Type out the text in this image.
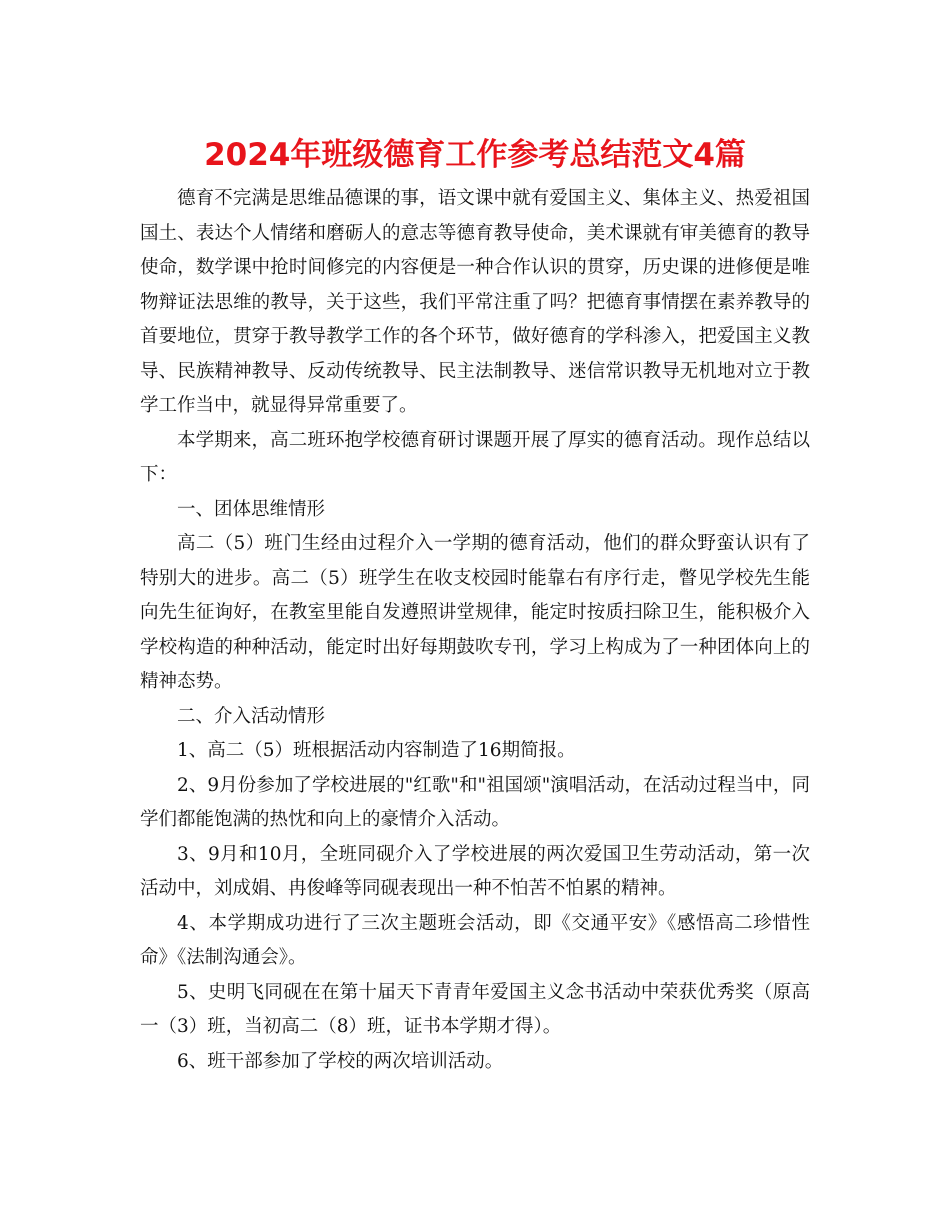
2024年班级德育工作参考总结范文4篇

德育不完满是思维品德课的事，语文课中就有爱国主义、集体主义、热爱祖国国土、表达个人情绪和磨砺人的意志等德育教导使命，美术课就有审美德育的教导使命，数学课中抢时间修完的内容便是一种合作认识的贯穿，历史课的进修便是唯物辩证法思维的教导，关于这些，我们平常注重了吗？把德育事情摆在素养教导的首要地位，贯穿于教导教学工作的各个环节，做好德育的学科渗入，把爱国主义教导、民族精神教导、反动传统教导、民主法制教导、迷信常识教导无机地对立于教学工作当中，就显得异常重要了。

本学期来，高二班环抱学校德育研讨课题开展了厚实的德育活动。现作总结以下：

一、团体思维情形

高二（5）班门生经由过程介入一学期的德育活动，他们的群众野蛮认识有了特别大的进步。高二（5）班学生在收支校园时能靠右有序行走，瞥见学校先生能向先生征询好，在教室里能自发遵照讲堂规律，能定时按质扫除卫生，能积极介入学校构造的种种活动，能定时出好每期鼓吹专刊，学习上构成为了一种团体向上的精神态势。

二、介入活动情形

1、高二（5）班根据活动内容制造了16期简报。

2、9月份参加了学校进展的"红歌"和"祖国颂"演唱活动，在活动过程当中，同学们都能饱满的热忱和向上的豪情介入活动。

3、9月和10月，全班同砚介入了学校进展的两次爱国卫生劳动活动，第一次活动中，刘成娟、冉俊峰等同砚表现出一种不怕苦不怕累的精神。

4、本学期成功进行了三次主题班会活动，即《交通平安》《感悟高二珍惜性命》《法制沟通会》。

5、史明飞同砚在在第十届天下青青年爱国主义念书活动中荣获优秀奖（原高一（3）班，当初高二（8）班，证书本学期才得）。

6、班干部参加了学校的两次培训活动。
